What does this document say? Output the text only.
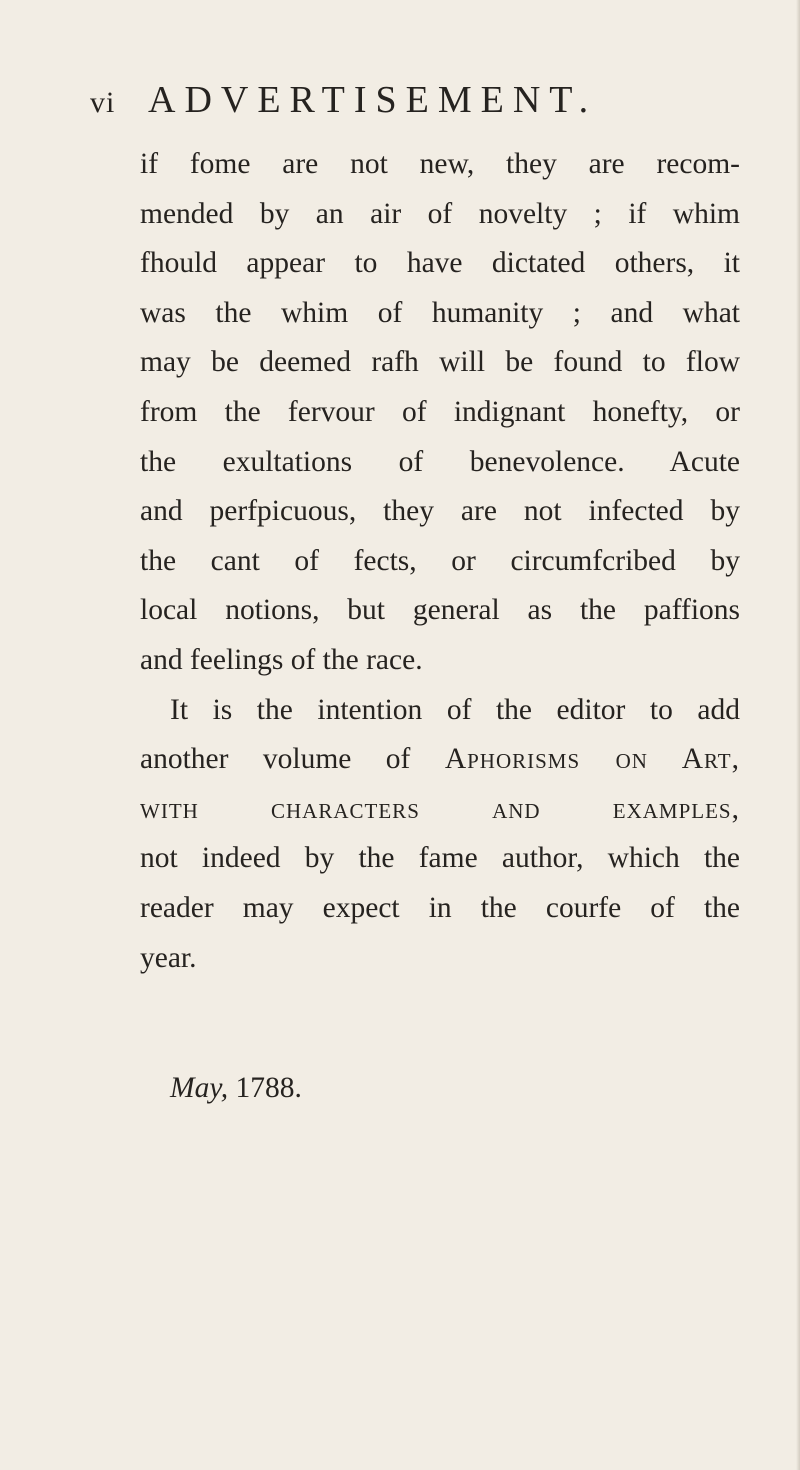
vi ADVERTISEMENT.
if fome are not new, they are recom-
mended by an air of novelty ; if whim
fhould appear to have dictated others, it
was the whim of humanity ; and what
may be deemed rafh will be found to flow
from the fervour of indignant honefty, or
the exultations of benevolence. Acute
and perfpicuous, they are not infected by
the cant of fects, or circumfcribed by
local notions, but general as the paffions
and feelings of the race.
It is the intention of the editor to add
another volume of Aphorisms on Art,
with characters and examples,
not indeed by the fame author, which the
reader may expect in the courfe of the
year.
May, 1788.
